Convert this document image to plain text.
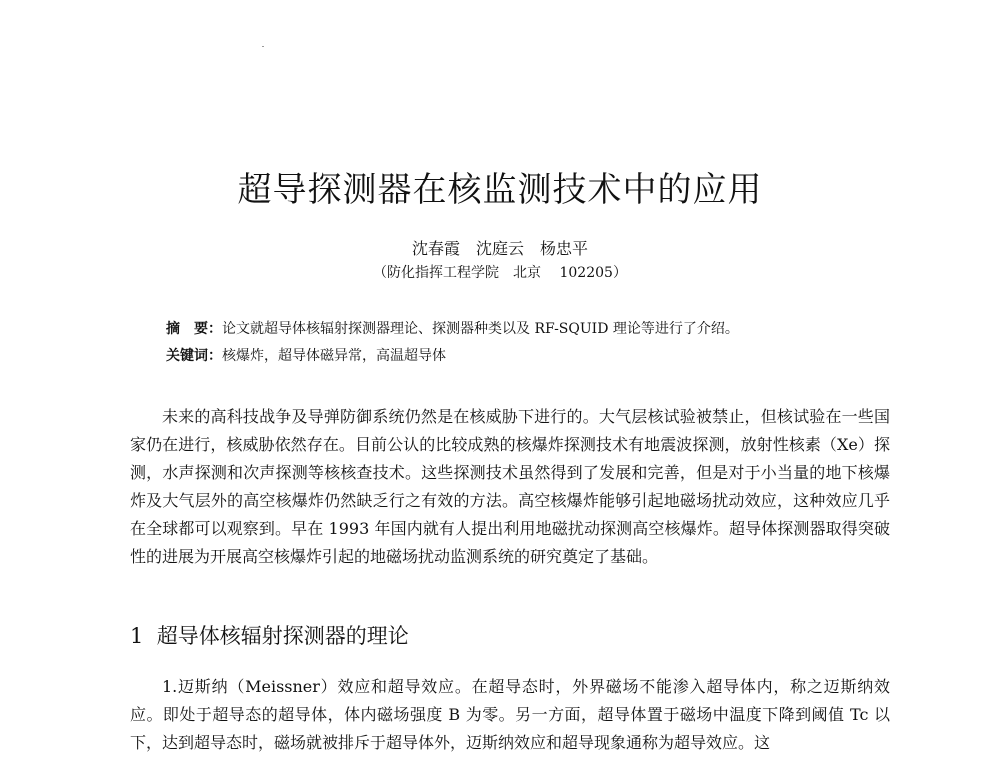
超导探测器在核监测技术中的应用
沈春霞　沈庭云　杨忠平
（防化指挥工程学院　北京　 102205）
摘　要：论文就超导体核辐射探测器理论、探测器种类以及 RF-SQUID 理论等进行了介绍。
关键词：核爆炸，超导体磁异常，高温超导体

未来的高科技战争及导弹防御系统仍然是在核威胁下进行的。大气层核试验被禁止，但核试验在一些国家仍在进行，核威胁依然存在。目前公认的比较成熟的核爆炸探测技术有地震波探测，放射性核素（Xe）探测，水声探测和次声探测等核核查技术。这些探测技术虽然得到了发展和完善，但是对于小当量的地下核爆炸及大气层外的高空核爆炸仍然缺乏行之有效的方法。高空核爆炸能够引起地磁场扰动效应，这种效应几乎在全球都可以观察到。早在 1993 年国内就有人提出利用地磁扰动探测高空核爆炸。超导体探测器取得突破性的进展为开展高空核爆炸引起的地磁场扰动监测系统的研究奠定了基础。

1  超导体核辐射探测器的理论

1.迈斯纳（Meissner）效应和超导效应。在超导态时，外界磁场不能渗入超导体内，称之迈斯纳效应。即处于超导态的超导体，体内磁场强度 B 为零。另一方面，超导体置于磁场中温度下降到阈值 Tc 以下，达到超导态时，磁场就被排斥于超导体外，迈斯纳效应和超导现象通称为超导效应。这
